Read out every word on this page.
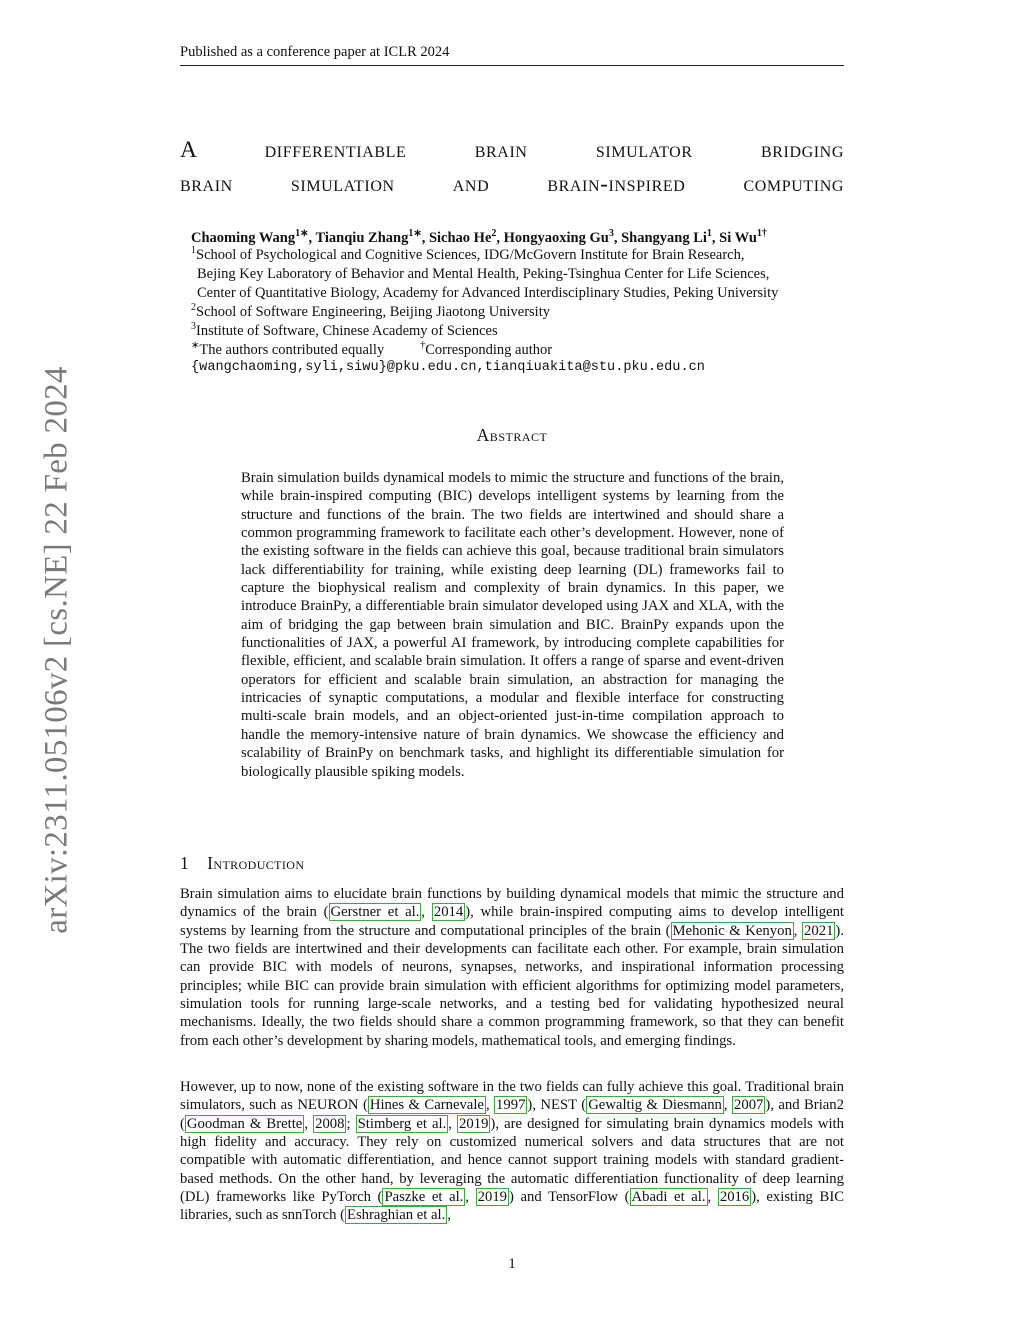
Published as a conference paper at ICLR 2024
arXiv:2311.05106v2 [cs.NE] 22 Feb 2024
A differentiable brain simulator bridging
brain simulation and brain-inspired computing
Chaoming Wang$^{1∗}$, Tianqiu Zhang$^{1∗}$, Sichao He$^2$, Hongyaoxing Gu$^3$, Shangyang Li$^1$, Si $Wu^{1\dagger}$
$^1$School of Psychological and Cognitive Sciences, IDG/McGovern Institute for Brain Research,
Bejing Key Laboratory of Behavior and Mental Health, Peking-Tsinghua Center for Life Sciences,
Center of Quantitative Biology, Academy for Advanced Interdisciplinary Studies, Peking University
$^2$School of Software Engineering, Beijing Jiaotong University
$^3$Institute of Software, Chinese Academy of Sciences
∗The authors contributed equally	†Corresponding author
{wangchaoming,syli,siwu}@pku.edu.cn,tianqiuakita@stu.pku.edu.cn
Abstract
Brain simulation builds dynamical models to mimic the structure and functions of the brain, while brain-inspired computing (BIC) develops intelligent systems by learning from the structure and functions of the brain. The two fields are intertwined and should share a common programming framework to facilitate each other’s development. However, none of the existing software in the fields can achieve this goal, because traditional brain simulators lack differentiability for training, while existing deep learning (DL) frameworks fail to capture the biophysical realism and complexity of brain dynamics. In this paper, we introduce BrainPy, a differentiable brain simulator developed using JAX and XLA, with the aim of bridging the gap between brain simulation and BIC. BrainPy expands upon the functionalities of JAX, a powerful AI framework, by introducing complete capabilities for flexible, efficient, and scalable brain simulation. It offers a range of sparse and event-driven operators for efficient and scalable brain simulation, an abstraction for managing the intricacies of synaptic computations, a modular and flexible interface for constructing multi-scale brain models, and an object-oriented just-in-time compilation approach to handle the memory-intensive nature of brain dynamics. We showcase the efficiency and scalability of BrainPy on benchmark tasks, and highlight its differentiable simulation for biologically plausible spiking models.
1 Introduction
Brain simulation aims to elucidate brain functions by building dynamical models that mimic the structure and dynamics of the brain ( Gerstner et al. , 2014 ), while brain-inspired computing aims to develop intelligent systems by learning from the structure and computational principles of the brain ( Mehonic & Kenyon , 2021 ). The two fields are intertwined and their developments can facilitate each other. For example, brain simulation can provide BIC with models of neurons, synapses, networks, and inspirational information processing principles; while BIC can provide brain simulation with efficient algorithms for optimizing model parameters, simulation tools for running large-scale networks, and a testing bed for validating hypothesized neural mechanisms. Ideally, the two fields should share a common programming framework, so that they can benefit from each other’s development by sharing models, mathematical tools, and emerging findings.
However, up to now, none of the existing software in the two fields can fully achieve this goal. Traditional brain simulators, such as NEURON ( Hines & Carnevale , 1997 ), NEST ( Gewaltig & Diesmann , 2007 ), and Brian2 ( Goodman & Brette , 2008 ; Stimberg et al. , 2019 ), are designed for simulating brain dynamics models with high fidelity and accuracy. They rely on customized numerical solvers and data structures that are not compatible with automatic differentiation, and hence cannot support training models with standard gradient-based methods. On the other hand, by leveraging the automatic differentiation functionality of deep learning (DL) frameworks like PyTorch ( Paszke et al. , 2019 ) and TensorFlow ( Abadi et al. , 2016 ), existing BIC libraries, such as snnTorch ( Eshraghian et al. ,
1
